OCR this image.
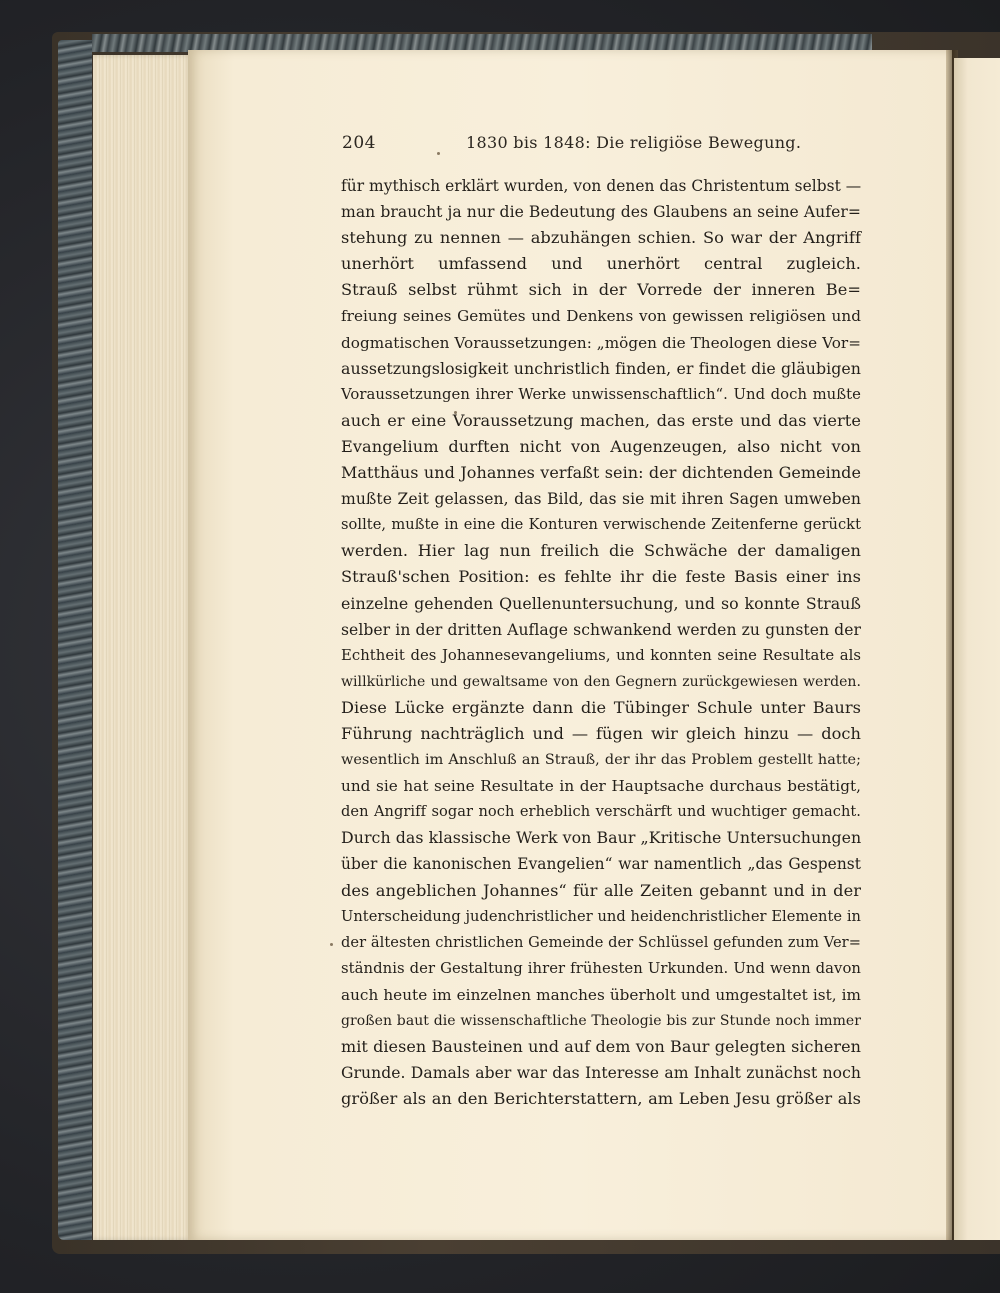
204	1830 bis 1848: Die religiöse Bewegung.
für mythisch erklärt wurden, von denen das Christentum selbst —
man braucht ja nur die Bedeutung des Glaubens an seine Aufer=
stehung zu nennen — abzuhängen schien. So war der Angriff
unerhört umfassend und unerhört central zugleich.
Strauß selbst rühmt sich in der Vorrede der inneren Be=
freiung seines Gemütes und Denkens von gewissen religiösen und
dogmatischen Voraussetzungen: „mögen die Theologen diese Vor=
aussetzungslosigkeit unchristlich finden, er findet die gläubigen
Voraussetzungen ihrer Werke unwissenschaftlich“. Und doch mußte
auch er eine Voraussetzung machen, das erste und das vierte
Evangelium durften nicht von Augenzeugen, also nicht von
Matthäus und Johannes verfaßt sein: der dichtenden Gemeinde
mußte Zeit gelassen, das Bild, das sie mit ihren Sagen umweben
sollte, mußte in eine die Konturen verwischende Zeitenferne gerückt
werden. Hier lag nun freilich die Schwäche der damaligen
Strauß'schen Position: es fehlte ihr die feste Basis einer ins
einzelne gehenden Quellenuntersuchung, und so konnte Strauß
selber in der dritten Auflage schwankend werden zu gunsten der
Echtheit des Johannesevangeliums, und konnten seine Resultate als
willkürliche und gewaltsame von den Gegnern zurückgewiesen werden.
Diese Lücke ergänzte dann die Tübinger Schule unter Baurs
Führung nachträglich und — fügen wir gleich hinzu — doch
wesentlich im Anschluß an Strauß, der ihr das Problem gestellt hatte;
und sie hat seine Resultate in der Hauptsache durchaus bestätigt,
den Angriff sogar noch erheblich verschärft und wuchtiger gemacht.
Durch das klassische Werk von Baur „Kritische Untersuchungen
über die kanonischen Evangelien“ war namentlich „das Gespenst
des angeblichen Johannes“ für alle Zeiten gebannt und in der
Unterscheidung judenchristlicher und heidenchristlicher Elemente in
der ältesten christlichen Gemeinde der Schlüssel gefunden zum Ver=
ständnis der Gestaltung ihrer frühesten Urkunden. Und wenn davon
auch heute im einzelnen manches überholt und umgestaltet ist, im
großen baut die wissenschaftliche Theologie bis zur Stunde noch immer
mit diesen Bausteinen und auf dem von Baur gelegten sicheren
Grunde. Damals aber war das Interesse am Inhalt zunächst noch
größer als an den Berichterstattern, am Leben Jesu größer als
